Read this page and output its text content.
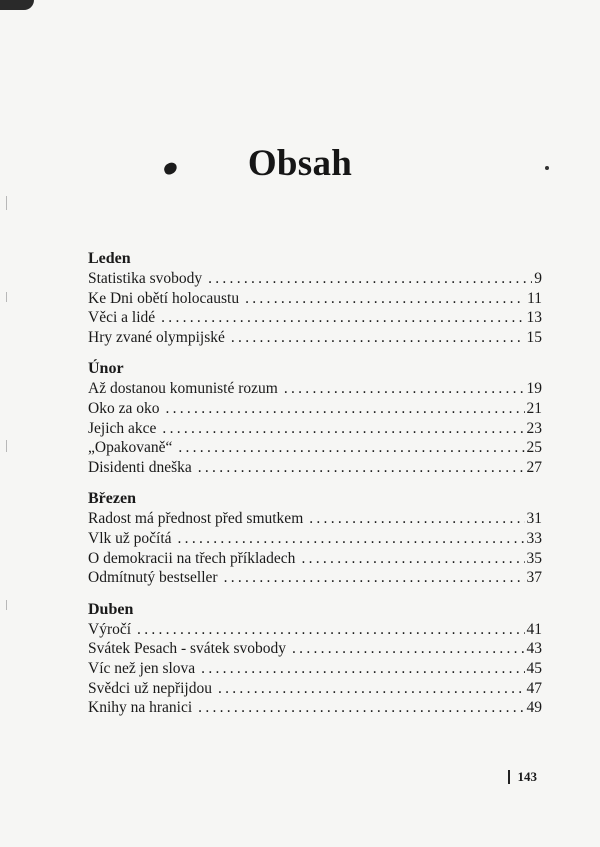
Obsah
Leden
Statistika svobody . . .	9
Ke Dni obětí holocaustu . . .	11
Věci a lidé . . .	13
Hry zvané olympijské . . .	15
Únor
Až dostanou komunisté rozum . . .	19
Oko za oko . . .	21
Jejich akce . . .	23
„Opakovaně“ . . .	25
Disidenti dneška . . .	27
Březen
Radost má přednost před smutkem . . .	31
Vlk už počítá . . .	33
O demokracii na třech příkladech . . .	35
Odmítnutý bestseller . . .	37
Duben
Výročí . . .	41
Svátek Pesach - svátek svobody . . .	43
Víc než jen slova . . .	45
Svědci už nepřijdou . . .	47
Knihy na hranici . . .	49
143
